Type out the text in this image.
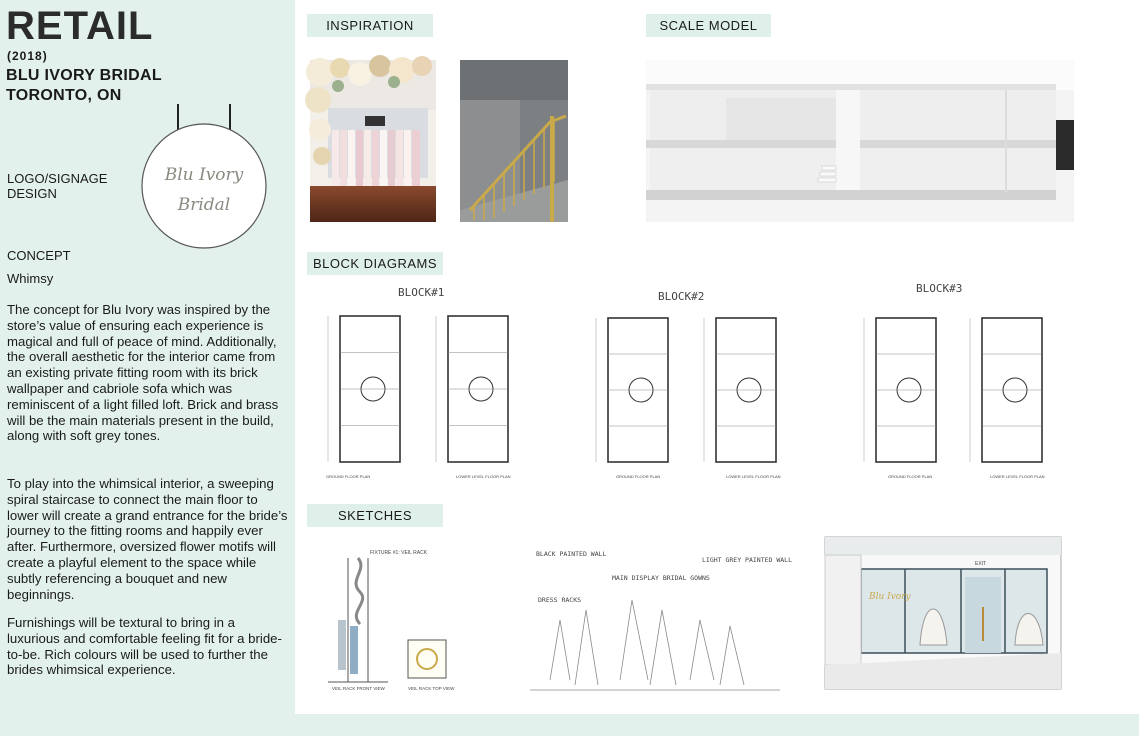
RETAIL
(2018)
BLU IVORY BRIDAL
TORONTO, ON
LOGO/SIGNAGE
DESIGN
Blu Ivory
Bridal
CONCEPT
Whimsy
The concept for Blu Ivory was inspired by the store’s value of ensuring each experience is magical and full of peace of mind. Additionally, the overall aesthetic for the interior came from an existing private fitting room with its brick wallpaper and cabriole sofa which was reminiscent of a light filled loft. Brick and brass will be the main materials present in the build, along with soft grey tones.
To play into the whimsical interior, a sweeping spiral staircase to connect the main floor to lower will create a grand entrance for the bride’s journey to the fitting rooms and happily ever after. Furthermore, oversized flower motifs will create a playful element to the space while subtly referencing a bouquet and new beginnings.
Furnishings will be textural to bring in a luxurious and comfortable feeling fit for a bride-to-be. Rich colours will be used to further the brides whimsical experience.
INSPIRATION	SCALE MODEL
BLOCK DIAGRAMS
SKETCHES
BLOCK#1	BLOCK#2
BLOCK#3
GROUND FLOOR PLAN	LOWER LEVEL FLOOR PLAN	GROUND FLOOR PLAN	LOWER LEVEL FLOOR PLAN	GROUND FLOOR PLAN	LOWER LEVEL FLOOR PLAN
FIXTURE #1: VEIL RACK
VEIL RACK FRONT VIEW	VEIL RACK TOP VIEW
BLACK PAINTED WALL
MAIN DISPLAY BRIDAL GOWNS
LIGHT GREY PAINTED WALL
DRESS RACKS	Blu Ivory
EXIT
